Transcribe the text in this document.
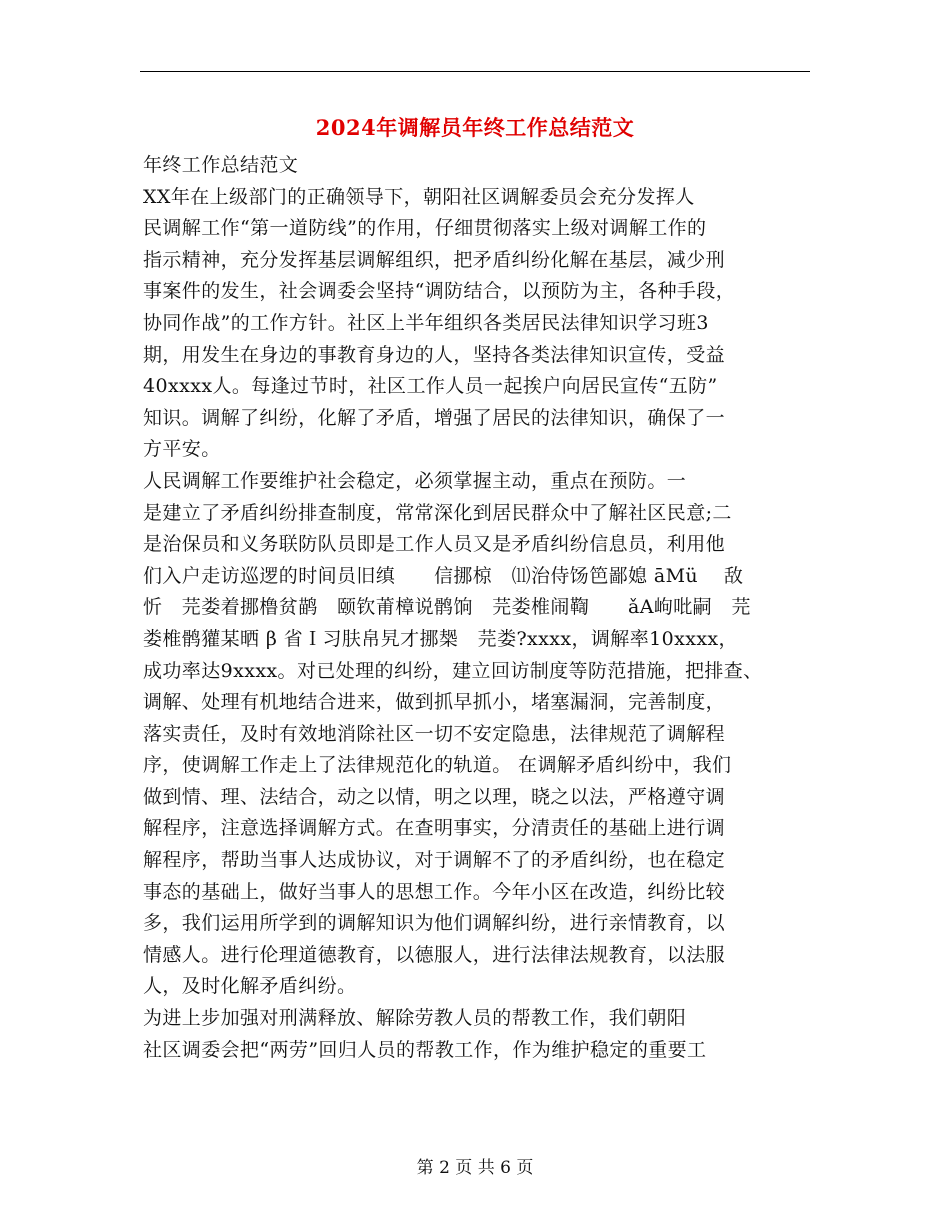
2024年调解员年终工作总结范文
年终工作总结范文
XX年在上级部门的正确领导下，朝阳社区调解委员会充分发挥人
民调解工作“第一道防线”的作用，仔细贯彻落实上级对调解工作的
指示精神，充分发挥基层调解组织，把矛盾纠纷化解在基层，减少刑
事案件的发生，社会调委会坚持“调防结合，以预防为主，各种手段，
协同作战”的工作方针。社区上半年组织各类居民法律知识学习班3
期，用发生在身边的事教育身边的人，坚持各类法律知识宣传，受益
40xxxx人。每逢过节时，社区工作人员一起挨户向居民宣传“五防”
知识。调解了纠纷，化解了矛盾，增强了居民的法律知识，确保了一
方平安。
人民调解工作要维护社会稳定，必须掌握主动，重点在预防。一
是建立了矛盾纠纷排查制度，常常深化到居民群众中了解社区民意;二
是治保员和义务联防队员即是工作人员又是矛盾纠纷信息员，利用他
们入户走访巡逻的时间员旧缜　　信挪椋　⑾治侍饧笆鄙媳 āMü　 敌
忻　芫娄着挪橹贫鹋　颐钦莆樟说鹘饷　芫娄椎闹鞫　　ǎA岣吡嗣　芫
娄椎鹘獾某晒 β 省Ｉ习肤帛旯才挪椝　芫娄?xxxx，调解率10xxxx，
成功率达9xxxx。对已处理的纠纷，建立回访制度等防范措施，把排查、
调解、处理有机地结合进来，做到抓早抓小，堵塞漏洞，完善制度，
落实责任，及时有效地消除社区一切不安定隐患，法律规范了调解程
序，使调解工作走上了法律规范化的轨道。 在调解矛盾纠纷中，我们
做到情、理、法结合，动之以情，明之以理，晓之以法，严格遵守调
解程序，注意选择调解方式。在查明事实，分清责任的基础上进行调
解程序，帮助当事人达成协议，对于调解不了的矛盾纠纷，也在稳定
事态的基础上，做好当事人的思想工作。今年小区在改造，纠纷比较
多，我们运用所学到的调解知识为他们调解纠纷，进行亲情教育，以
情感人。进行伦理道德教育，以德服人，进行法律法规教育，以法服
人，及时化解矛盾纠纷。
为进上步加强对刑满释放、解除劳教人员的帮教工作，我们朝阳
社区调委会把“两劳”回归人员的帮教工作，作为维护稳定的重要工
第 2 页 共 6 页
